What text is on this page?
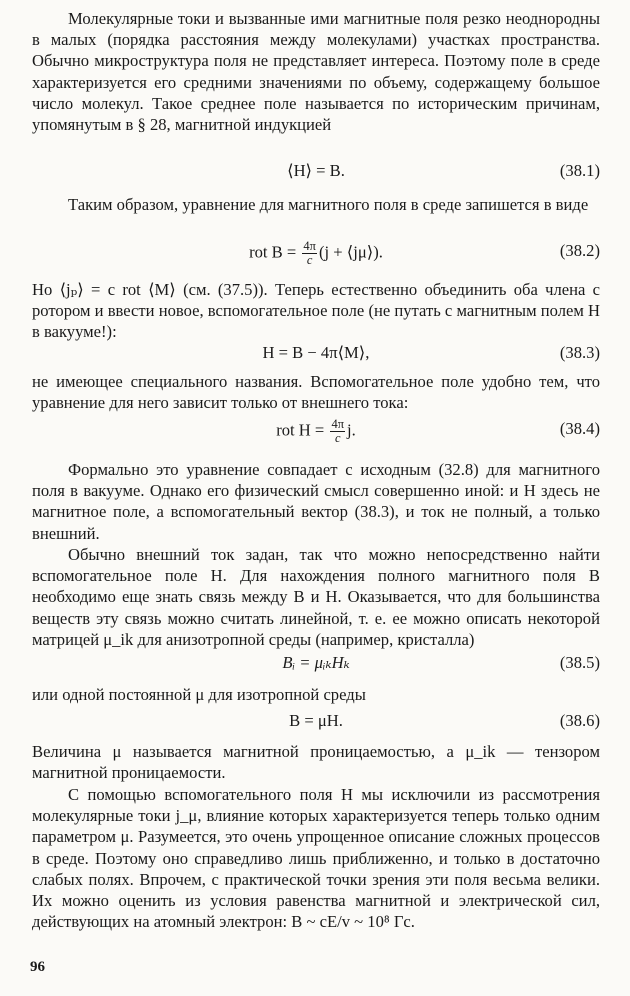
Молекулярные токи и вызванные ими магнитные поля резко неоднородны в малых (порядка расстояния между молекулами) участках пространства. Обычно микроструктура поля не представляет интереса. Поэтому поле в среде характеризуется его средними значениями по объему, содержащему большое число молекул. Такое среднее поле называется по историческим причинам, упомянутым в § 28, магнитной индукцией

⟨H⟩ = B.	(38.1)

Таким образом, уравнение для магнитного поля в среде запишется в виде

rot $B = \frac{4\pi}{c} (j$ + ⟨jμ⟩).	(38.2)

Но ⟨jₚ⟩ = c rot ⟨M⟩ (см. (37.5)). Теперь естественно объединить оба члена с ротором и ввести новое, вспомогательное поле (не путать с магнитным полем H в вакууме!):

H = B − 4π⟨M⟩,	(38.3)

не имеющее специального названия. Вспомогательное поле удобно тем, что уравнение для него зависит только от внешнего тока:

rot $H = \frac{4\pi}{c} j$.	(38.4)

Формально это уравнение совпадает с исходным (32.8) для магнитного поля в вакууме. Однако его физический смысл совершенно иной: и H здесь не магнитное поле, а вспомогательный вектор (38.3), и ток не полный, а только внешний.

Обычно внешний ток задан, так что можно непосредственно найти вспомогательное поле H. Для нахождения полного магнитного поля B необходимо еще знать связь между B и H. Оказывается, что для большинства веществ эту связь можно считать линейной, т. е. ее можно описать некоторой матрицей μ_ik для анизотропной среды (например, кристалла)

Bᵢ = μᵢₖHₖ	(38.5)

или одной постоянной μ для изотропной среды

B = μH.	(38.6)

Величина μ называется магнитной проницаемостью, а μ_ik — тензором магнитной проницаемости.

С помощью вспомогательного поля H мы исключили из рассмотрения молекулярные токи j_μ, влияние которых характеризуется теперь только одним параметром μ. Разумеется, это очень упрощенное описание сложных процессов в среде. Поэтому оно справедливо лишь приближенно, и только в достаточно слабых полях. Впрочем, с практической точки зрения эти поля весьма велики. Их можно оценить из условия равенства магнитной и электрической сил, действующих на атомный электрон: B ~ cE/v ~ 10⁸ Гс.

96
